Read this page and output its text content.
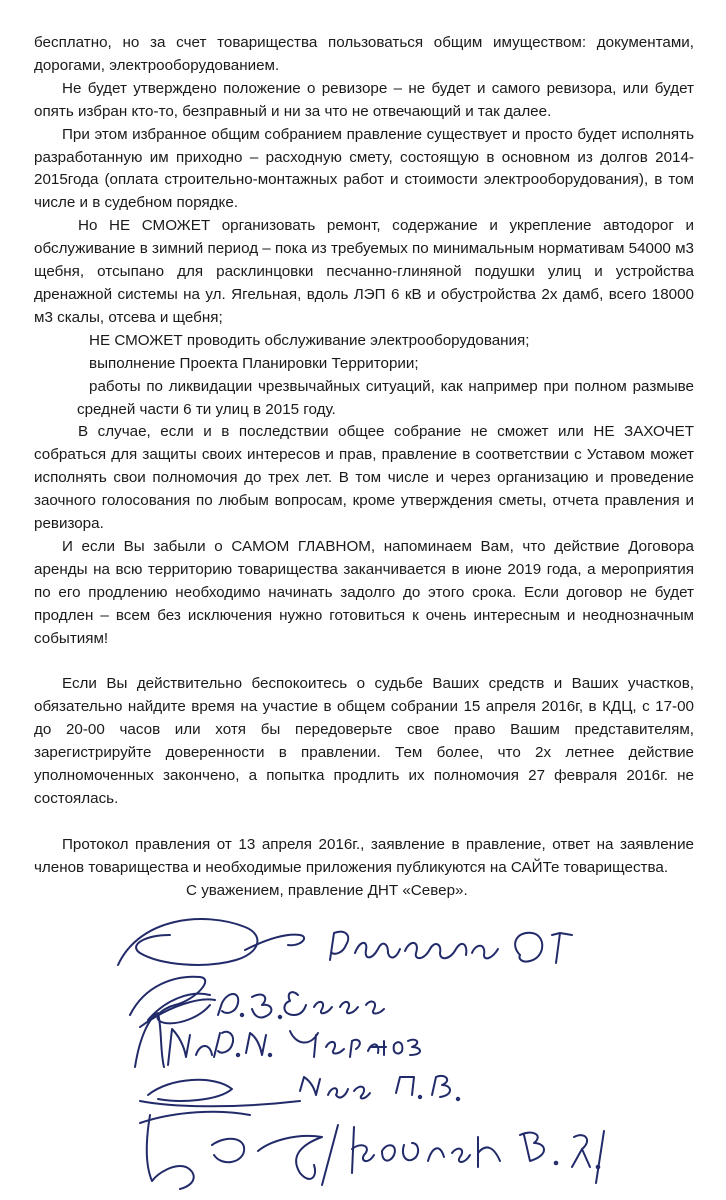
бесплатно, но за счет товарищества пользоваться общим имуществом: документами, дорогами, электрооборудованием.

Не будет утверждено положение о ревизоре – не будет и самого ревизора, или будет опять избран кто-то, безправный и ни за что не отвечающий и так далее.

При этом избранное общим собранием правление существует и просто будет исполнять разработанную им приходно – расходную смету, состоящую в основном из долгов 2014-2015года (оплата строительно-монтажных работ и стоимости электрооборудования), в том числе и в судебном порядке.

Но НЕ СМОЖЕТ организовать ремонт, содержание и укрепление автодорог и обслуживание в зимний период – пока из требуемых по минимальным нормативам 54000 м3 щебня, отсыпано для расклинцовки песчанно-глиняной подушки улиц и устройства дренажной системы на ул. Ягельная, вдоль ЛЭП 6 кВ и обустройства 2х дамб, всего 18000 м3 скалы, отсева и щебня;

НЕ СМОЖЕТ проводить обслуживание электрооборудования;

выполнение Проекта Планировки Территории;

работы по ликвидации чрезвычайных ситуаций, как например при полном размыве средней части 6 ти улиц в 2015 году.

В случае, если и в последствии общее собрание не сможет или НЕ ЗАХОЧЕТ собраться для защиты своих интересов и прав, правление в соответствии с Уставом может исполнять свои полномочия до трех лет. В том числе и через организацию и проведение заочного голосования по любым вопросам, кроме утверждения сметы, отчета правления и ревизора.

И если Вы забыли о САМОМ ГЛАВНОМ, напоминаем Вам, что действие Договора аренды на всю территорию товарищества заканчивается в июне 2019 года, а мероприятия по его продлению необходимо начинать задолго до этого срока. Если договор не будет продлен – всем без исключения нужно готовиться к очень интересным и неоднозначным событиям!

Если Вы действительно беспокоитесь о судьбе Ваших средств и Ваших участков, обязательно найдите время на участие в общем собрании 15 апреля 2016г, в КДЦ, с 17-00 до 20-00 часов или хотя бы передоверьте свое право Вашим представителям, зарегистрируйте доверенности в правлении. Тем более, что 2х летнее действие уполномоченных закончено, а попытка продлить их полномочия 27 февраля 2016г. не состоялась.

Протокол правления от 13 апреля 2016г., заявление в правление, ответ на заявление членов товарищества и необходимые приложения публикуются на САЙТе товарищества.

С уважением, правление ДНТ «Север».
